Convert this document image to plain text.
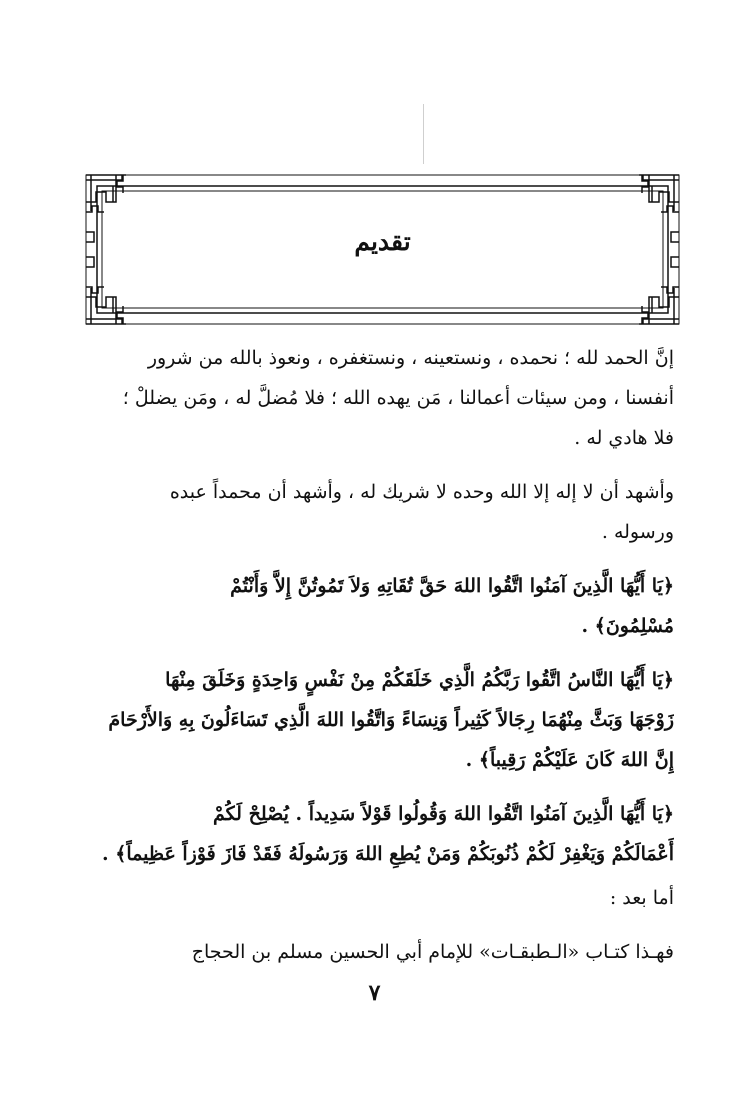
تقديم
إنَّ الحمد لله ؛ نحمده ، ونستعينه ، ونستغفره ، ونعوذ بالله من شرور
أنفسنا ، ومن سيئات أعمالنا ، مَن يهده الله ؛ فلا مُضلَّ له ، ومَن يضللْ ؛
فلا هادي له .
وأشهد أن لا إله إلا الله وحده لا شريك له ، وأشهد أن محمداً عبده
ورسوله .
﴿يَا أَيُّهَا الَّذِينَ آمَنُوا اتَّقُوا اللهَ حَقَّ تُقَاتِهِ وَلاَ تَمُوتُنَّ إِلاَّ وَأَنْتُمْ
مُسْلِمُونَ﴾ .
﴿يَا أَيُّهَا النَّاسُ اتَّقُوا رَبَّكُمُ الَّذِي خَلَقَكُمْ مِنْ نَفْسٍ وَاحِدَةٍ وَخَلَقَ مِنْهَا
زَوْجَهَا وَبَثَّ مِنْهُمَا رِجَالاً كَثِيراً وَنِسَاءً وَاتَّقُوا اللهَ الَّذِي تَسَاءَلُونَ بِهِ وَالأَرْحَامَ
إِنَّ اللهَ كَانَ عَلَيْكُمْ رَقِيباً﴾ .
﴿يَا أَيُّهَا الَّذِينَ آمَنُوا اتَّقُوا اللهَ وَقُولُوا قَوْلاً سَدِيداً . يُصْلِحْ لَكُمْ
أَعْمَالَكُمْ وَيَغْفِرْ لَكُمْ ذُنُوبَكُمْ وَمَنْ يُطِعِ اللهَ وَرَسُولَهُ فَقَدْ فَازَ فَوْزاً عَظِيماً﴾ .
أما بعد :
فهـذا كتـاب «الـطبقـات» للإمام أبي الحسين مسلم بن الحجاج
٧
